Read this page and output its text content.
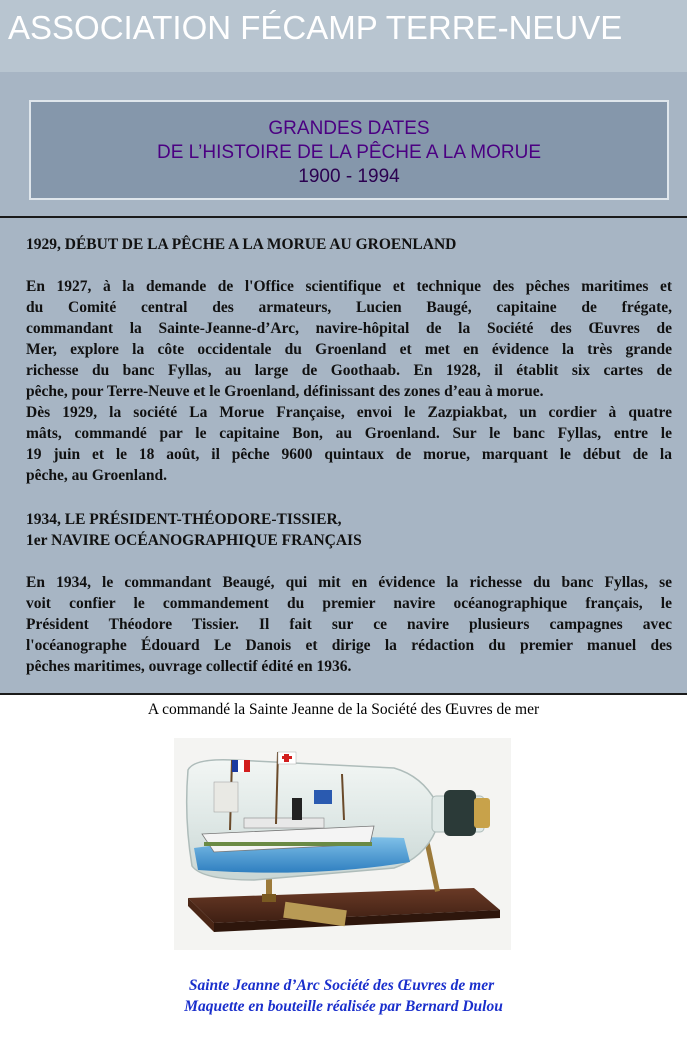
ASSOCIATION FÉCAMP TERRE-NEUVE
GRANDES DATES
DE L’HISTOIRE DE LA PÊCHE A LA MORUE
1900 - 1994
1929, DÉBUT DE LA PÊCHE A LA MORUE AU GROENLAND
En 1927, à la demande de l'Office scientifique et technique des pêches maritimes et
du Comité central des armateurs, Lucien Baugé, capitaine de frégate,
commandant la Sainte-Jeanne-d’Arc, navire-hôpital de la Société des Œuvres de
Mer, explore la côte occidentale du Groenland et met en évidence la très grande
richesse du banc Fyllas, au large de Goothaab. En 1928, il établit six cartes de
pêche, pour Terre-Neuve et le Groenland, définissant des zones d’eau à morue.
Dès 1929, la société La Morue Française, envoi le Zazpiakbat, un cordier à quatre
mâts, commandé par le capitaine Bon, au Groenland. Sur le banc Fyllas, entre le
19 juin et le 18 août, il pêche 9600 quintaux de morue, marquant le début de la
pêche, au Groenland.
1934, LE PRÉSIDENT-THÉODORE-TISSIER,
1er NAVIRE OCÉANOGRAPHIQUE FRANÇAIS
En 1934, le commandant Beaugé, qui mit en évidence la richesse du banc Fyllas, se
voit confier le commandement du premier navire océanographique français, le
Président Théodore Tissier. Il fait sur ce navire plusieurs campagnes avec
l'océanographe Édouard Le Danois et dirige la rédaction du premier manuel des
pêches maritimes, ouvrage collectif édité en 1936.
A commandé la Sainte Jeanne de la Société des Œuvres de mer
Sainte Jeanne d’Arc Société des Œuvres de mer
Maquette en bouteille réalisée par Bernard Dulou
